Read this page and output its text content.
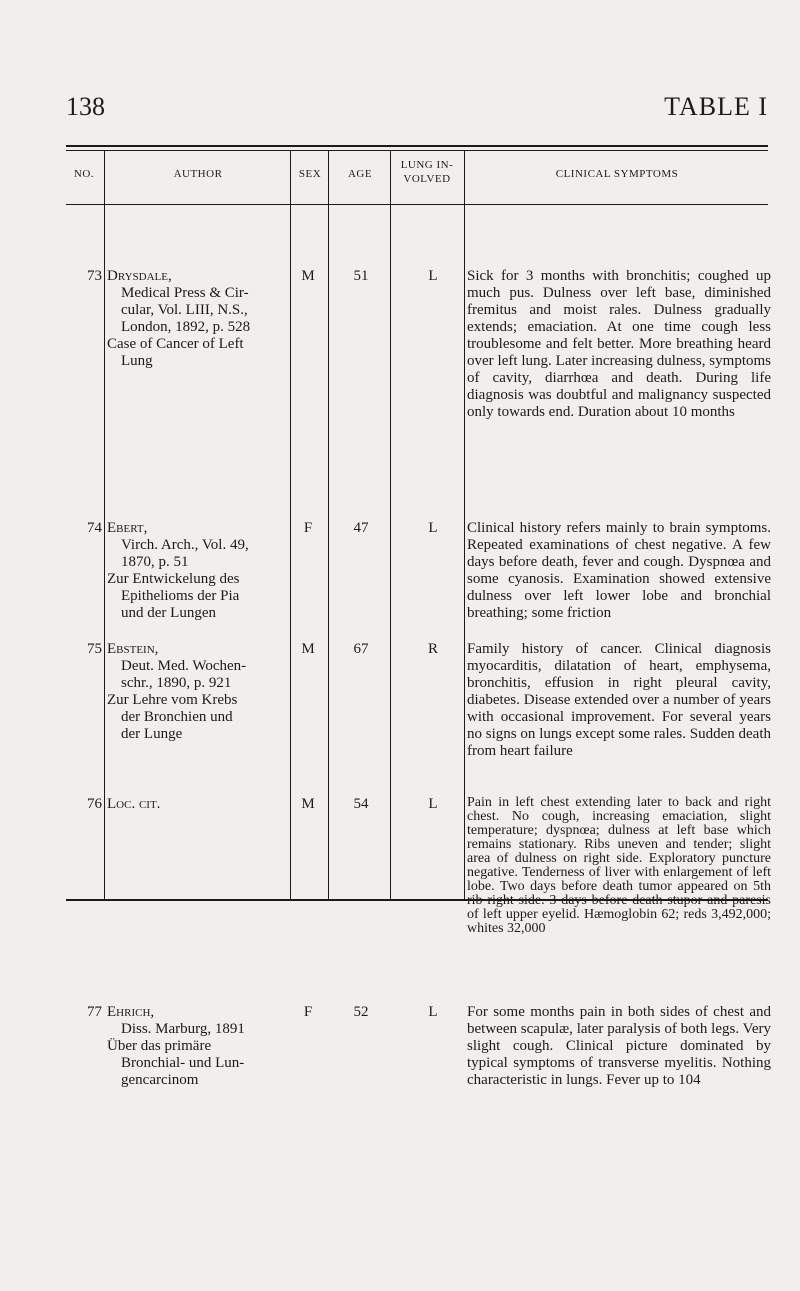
138	TABLE I
NO.	AUTHOR	SEX	AGE
LUNG IN-
VOLVED	CLINICAL SYMPTOMS
73 Drysdale,
Medical Press & Cir-
cular, Vol. LIII, N.S.,
London, 1892, p. 528
Case of Cancer of Left
Lung
M	51	L	Sick for 3 months with bronchitis; coughed up much pus. Dulness over left base, diminished fremitus and moist rales. Dulness gradually extends; emaciation. At one time cough less troublesome and felt better. More breathing heard over left lung. Later increasing dulness, symptoms of cavity, diarrhœa and death. During life diagnosis was doubtful and malignancy suspected only towards end. Duration about 10 months
74 Ebert,
Virch. Arch., Vol. 49,
1870, p. 51
Zur Entwickelung des
Epithelioms der Pia
und der Lungen
F	47	L	Clinical history refers mainly to brain symptoms. Repeated examinations of chest negative. A few days before death, fever and cough. Dyspnœa and some cyanosis. Examination showed extensive dulness over left lower lobe and bronchial breathing; some friction
75 Ebstein,
Deut. Med. Wochen-
schr., 1890, p. 921
Zur Lehre vom Krebs
der Bronchien und
der Lunge
M	67	R	Family history of cancer. Clinical diagnosis myocarditis, dilatation of heart, emphysema, bronchitis, effusion in right pleural cavity, diabetes. Disease extended over a number of years with occasional improvement. For several years no signs on lungs except some rales. Sudden death from heart failure
76 Loc. cit.	M	54	L	Pain in left chest extending later to back and right chest. No cough, increasing emaciation, slight temperature; dyspnœa; dulness at left base which remains stationary. Ribs uneven and tender; slight area of dulness on right side. Exploratory puncture negative. Tenderness of liver with enlargement of left lobe. Two days before death tumor appeared on 5th rib right side. 3 days before death stupor and paresis of left upper eyelid. Hæmoglobin 62; reds 3,492,000; whites 32,000
77 Ehrich,
Diss. Marburg, 1891
Über das primäre
Bronchial- und Lun-
gencarcinom
F	52	L	For some months pain in both sides of chest and between scapulæ, later paralysis of both legs. Very slight cough. Clinical picture dominated by typical symptoms of transverse myelitis. Nothing characteristic in lungs. Fever up to 104
